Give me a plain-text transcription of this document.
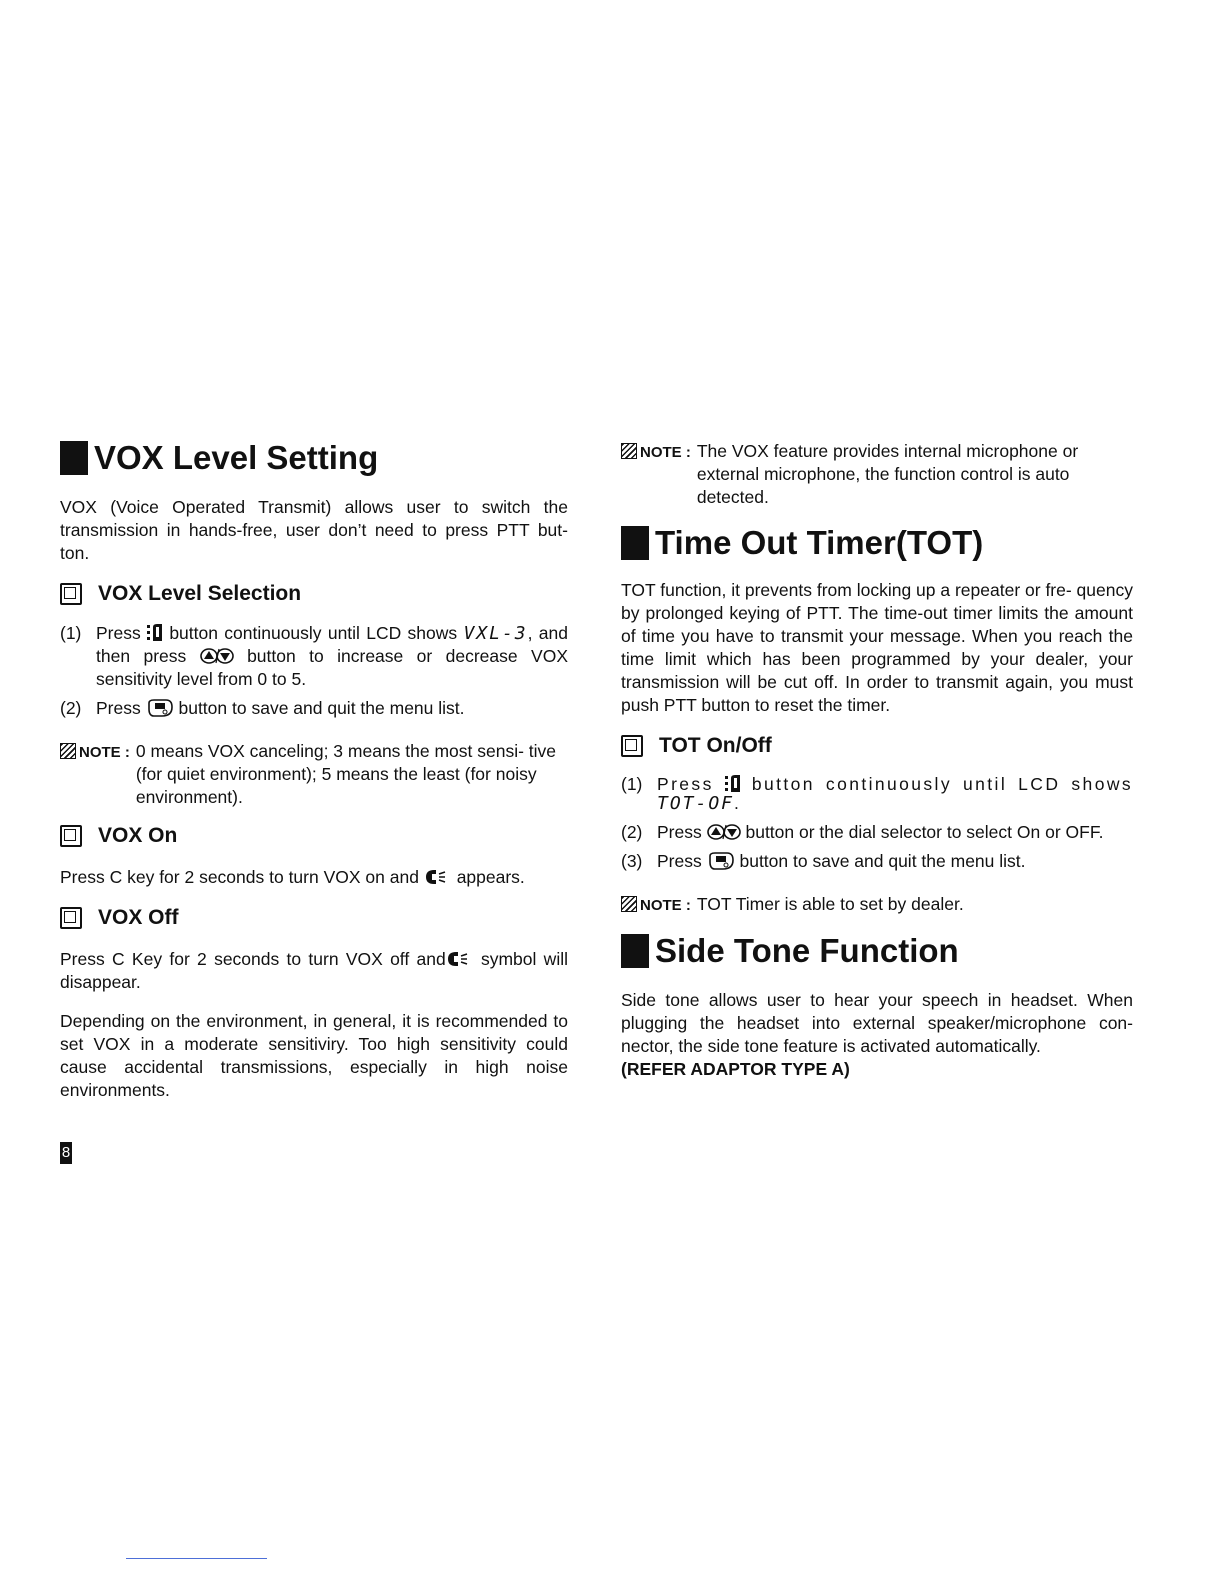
VOX Level Setting

VOX (Voice Operated Transmit) allows user to switch the transmission in hands-free, user don’t need to press PTT but- ton.

VOX Level Selection
(1) Press button continuously until LCD shows VXL-3, and then press	button to increase or decrease VOX sensitivity level from 0 to 5.
(2) Press button to save and quit the menu list.
NOTE : 0 means VOX canceling; 3 means the most sensi- tive (for quiet environment); 5 means the least (for noisy environment).
VOX On

Press C key for 2 seconds to turn VOX on and appears.

VOX Off

Press C Key for 2 seconds to turn VOX off and symbol will disappear.

Depending on the environment, in general, it is recommended to set VOX in a moderate sensitiviry. Too high sensitivity could cause accidental transmissions, especially in high noise environments.

NOTE : The VOX feature provides internal microphone or external microphone, the function control is auto detected.
Time Out Timer(TOT)

TOT function, it prevents from locking up a repeater or fre- quency by prolonged keying of PTT. The time-out timer limits the amount of time you have to transmit your message. When you reach the time limit which has been programmed by your dealer, your transmission will be cut off. In order to transmit again, you must push PTT button to reset the timer.

TOT On/Off
(1) Press button continuously until LCD shows
TOT-OF.
(2) Press	button or the dial selector to select On or OFF.
(3) Press button to save and quit the menu list.
NOTE : TOT Timer is able to set by dealer.
Side Tone Function

Side tone allows user to hear your speech in headset. When plugging the headset into external speaker/microphone con- nector, the side tone feature is activated automatically.

(REFER ADAPTOR TYPE A)

8
